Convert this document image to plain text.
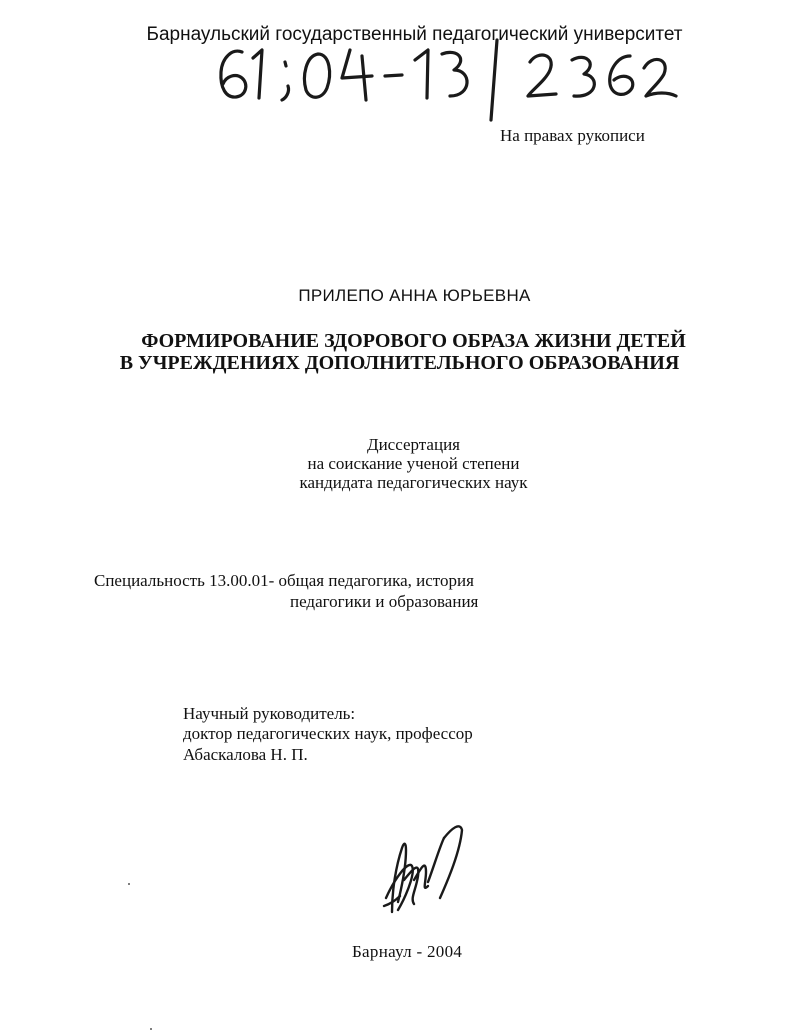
Барнаульский государственный педагогический университет
На правах рукописи
ПРИЛЕПО АННА ЮРЬЕВНА
ФОРМИРОВАНИЕ ЗДОРОВОГО ОБРАЗА ЖИЗНИ ДЕТЕЙ
В УЧРЕЖДЕНИЯХ ДОПОЛНИТЕЛЬНОГО ОБРАЗОВАНИЯ
Диссертация
на соискание ученой степени
кандидата педагогических наук
Специальность 13.00.01- общая педагогика, история
педагогики и образования
Научный руководитель:
доктор педагогических наук, профессор
Абаскалова Н. П.
Барнаул - 2004
